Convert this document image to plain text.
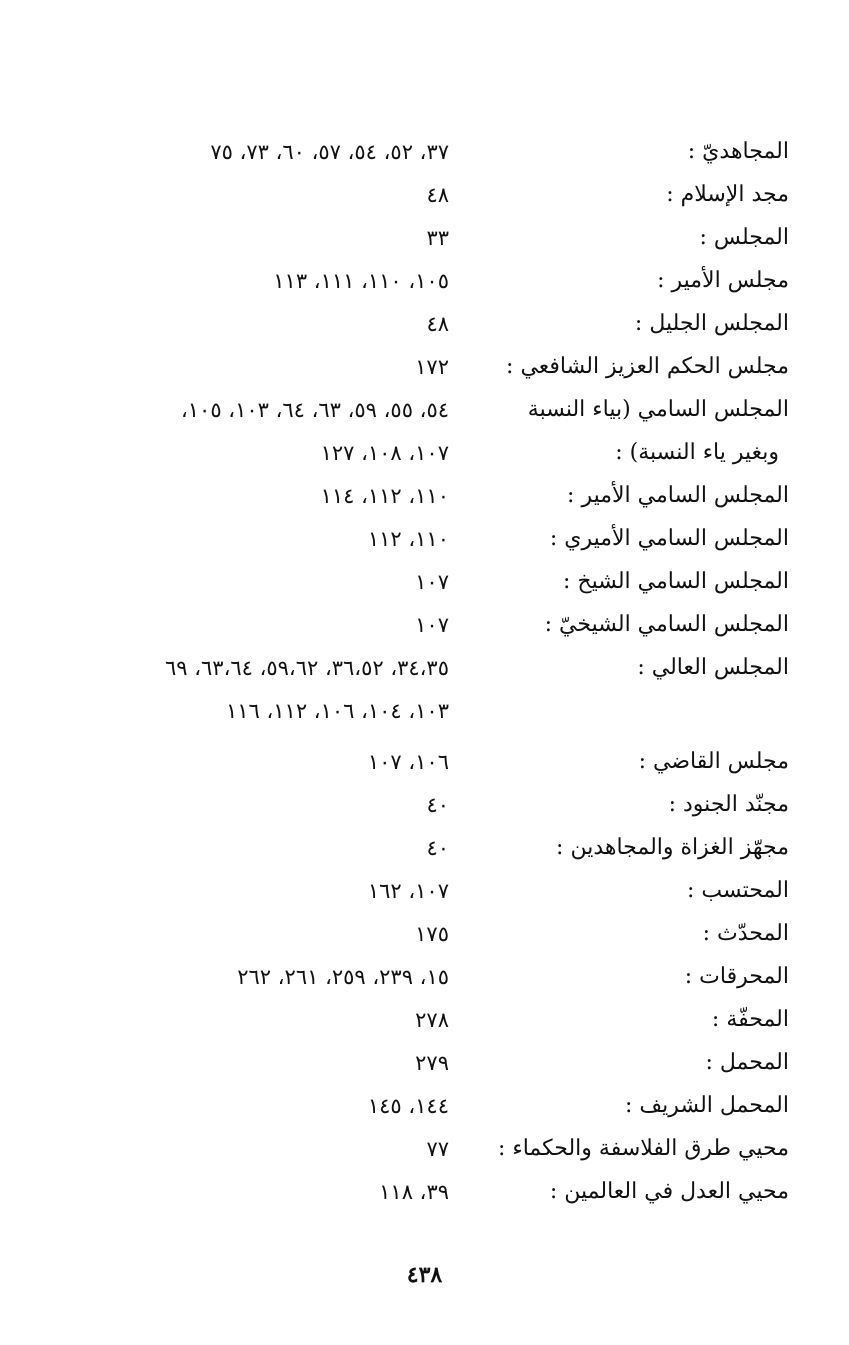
المجاهديّ :
٣٧، ٥٢، ٥٤، ٥٧، ٦٠، ٧٣، ٧٥
مجد الإسلام :
٤٨
المجلس :
٣٣
مجلس الأمير :
١٠٥، ١١٠، ١١١، ١١٣
المجلس الجليل :
٤٨
مجلس الحكم العزيز الشافعي :
١٧٢
المجلس السامي (بياء النسبة
٥٤، ٥٥، ٥٩، ٦٣، ٦٤، ١٠٣، ١٠٥،
وبغير ياء النسبة) :
١٠٧، ١٠٨، ١٢٧
المجلس السامي الأمير :
١١٠، ١١٢، ١١٤
المجلس السامي الأميري :
١١٠، ١١٢
المجلس السامي الشيخ :
١٠٧
المجلس السامي الشيخيّ :
١٠٧
المجلس العالي :
٣٤،٣٥، ٣٦،٥٢، ٥٩،٦٢، ٦٣،٦٤، ٦٩
١٠٣، ١٠٤، ١٠٦، ١١٢، ١١٦
مجلس القاضي :
١٠٦، ١٠٧
مجنّد الجنود :
٤٠
مجهّز الغزاة والمجاهدين :
٤٠
المحتسب :
١٠٧، ١٦٢
المحدّث :
١٧٥
المحرقات :
١٥، ٢٣٩، ٢٥٩، ٢٦١، ٢٦٢
المحفّة :
٢٧٨
المحمل :
٢٧٩
المحمل الشريف :
١٤٤، ١٤٥
محيي طرق الفلاسفة والحكماء :
٧٧
محيي العدل في العالمين :
٣٩، ١١٨
٤٣٨
